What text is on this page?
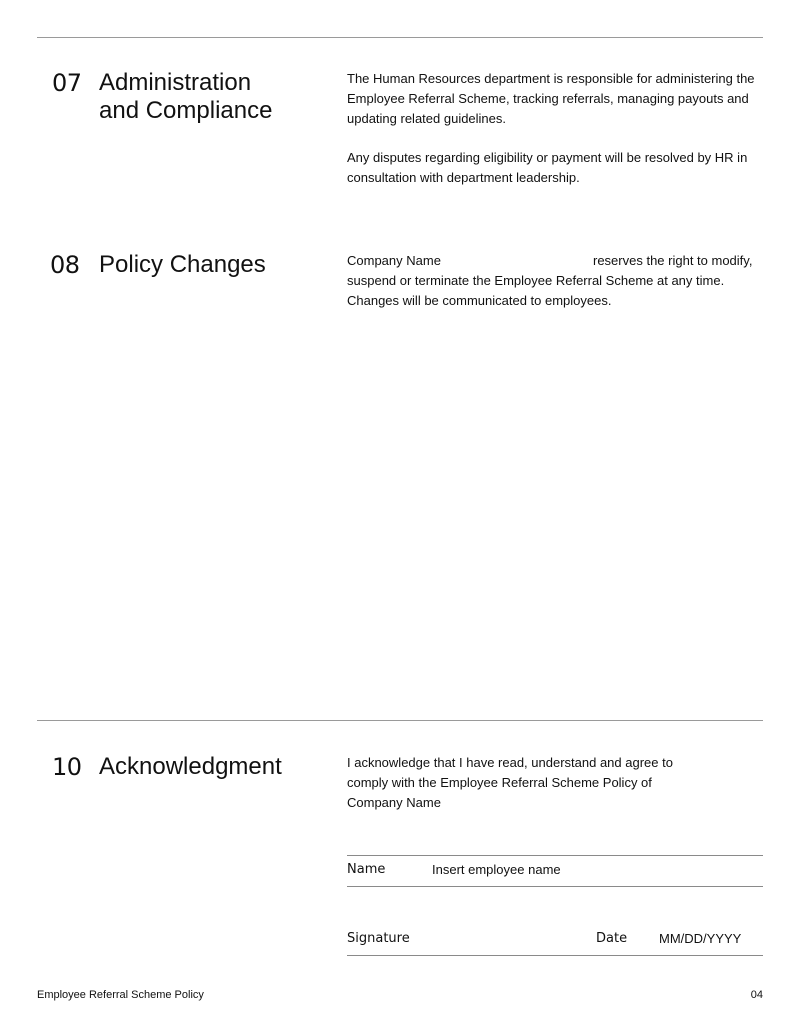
07 Administration
and Compliance

The Human Resources department is responsible for administering the Employee Referral Scheme, tracking referrals, managing payouts and updating related guidelines.

Any disputes regarding eligibility or payment will be resolved by HR in consultation with department leadership.

08 Policy Changes	Company Name	reserves the right to modify, suspend or terminate the Employee Referral Scheme at any time. Changes will be communicated to employees.
10 Acknowledgment	I acknowledge that I have read, understand and agree to comply with the Employee Referral Scheme Policy of
Company Name
Name	Insert employee name
Signature	Date MM/DD/YYYY
Employee Referral Scheme Policy	04
